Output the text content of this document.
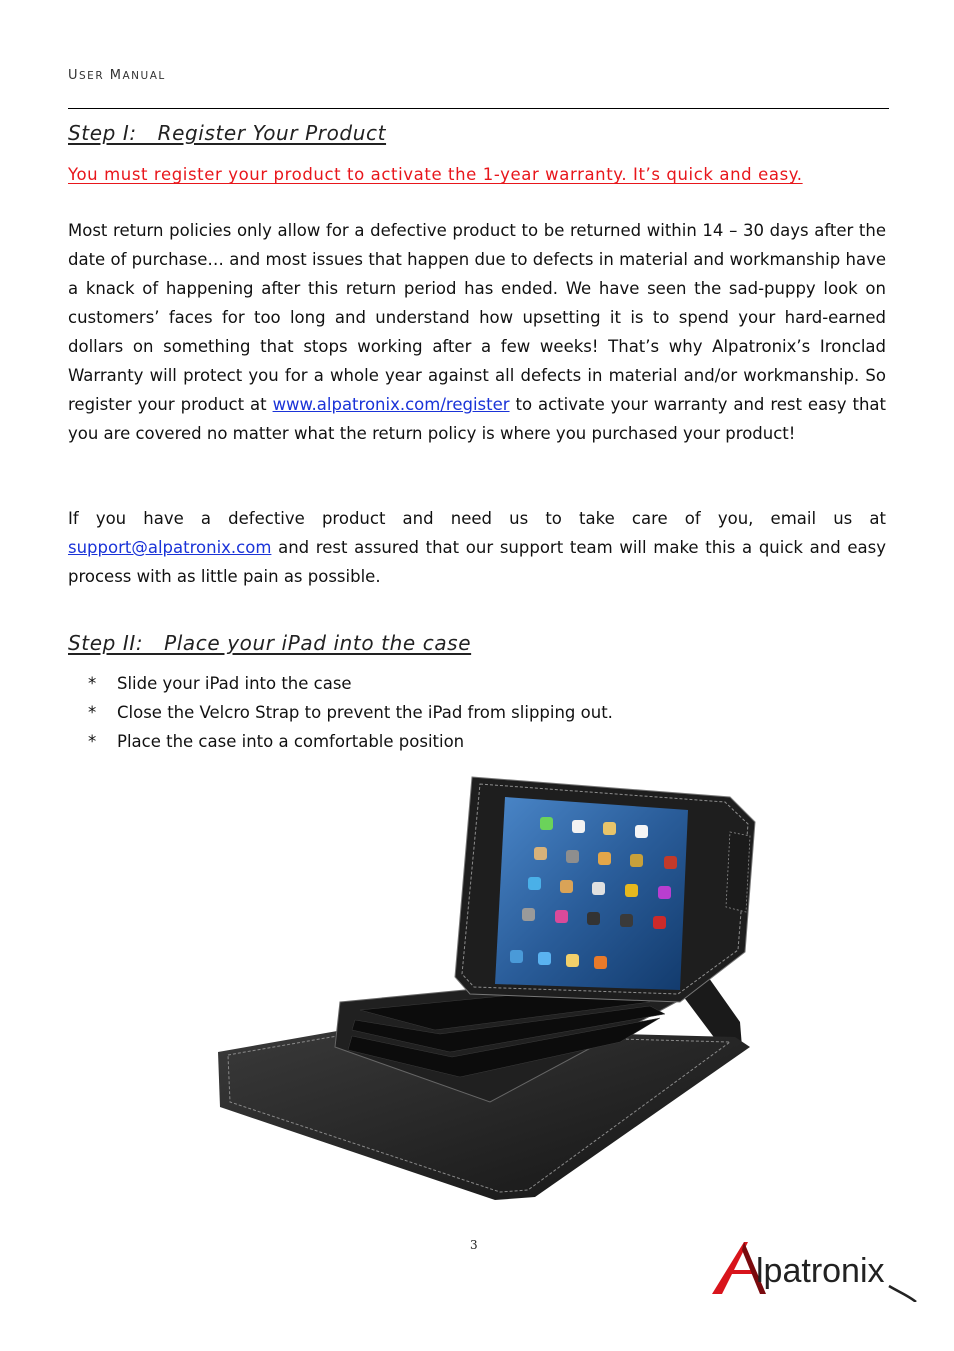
USER MANUAL
Step I:   Register Your Product
You must register your product to activate the 1-year warranty. It’s quick and easy.
Most return policies only allow for a defective product to be returned within 14 – 30 days after the date of purchase… and most issues that happen due to defects in material and workmanship have a knack of happening after this return period has ended. We have seen the sad-puppy look on customers’ faces for too long and understand how upsetting it is to spend your hard-earned dollars on something that stops working after a few weeks! That’s why Alpatronix’s Ironclad Warranty will protect you for a whole year against all defects in material and/or workmanship. So register your product at www.alpatronix.com/register to activate your warranty and rest easy that you are covered no matter what the return policy is where you purchased your product!
If you have a defective product and need us to take care of you, email us at support@alpatronix.com and rest assured that our support team will make this a quick and easy process with as little pain as possible.
Step II:   Place your iPad into the case
*	Slide your iPad into the case
*	Close the Velcro Strap to prevent the iPad from slipping out.
*	Place the case into a comfortable position
3
lpatronix
